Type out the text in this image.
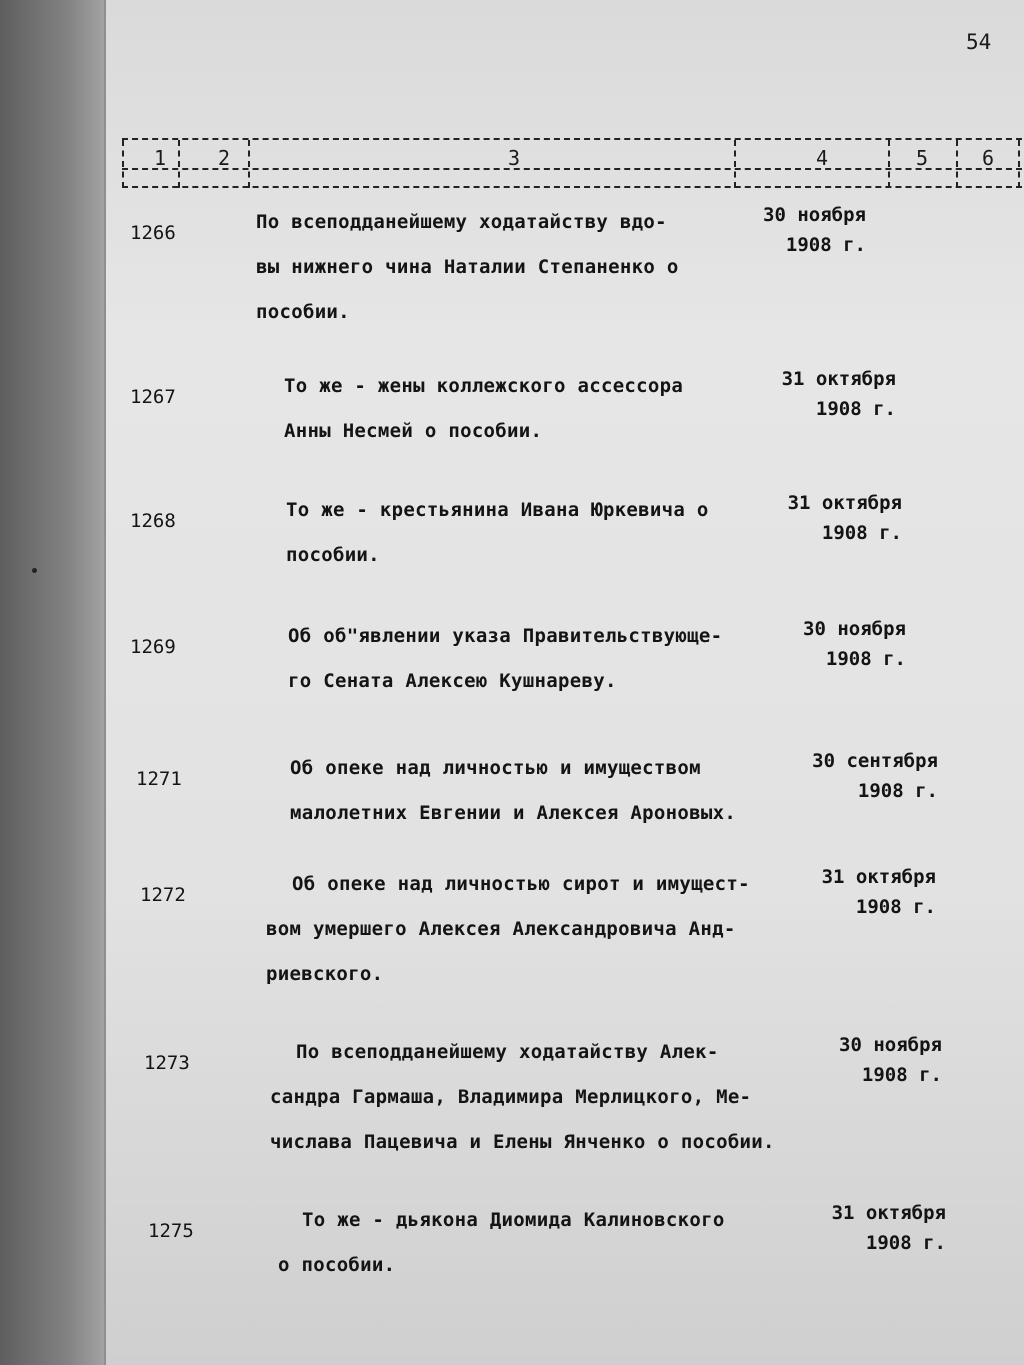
54
1	2	3	4	5	6
1266	По всеподданейшему ходатайству вдо-
вы нижнего чина Наталии Степаненко о
пособии.
30 ноября
1908 г.
1267	То же - жены коллежского ассессора
Анны Несмей о пособии.
31 октября
1908 г.
1268	То же - крестьянина Ивана Юркевича о
пособии.
31 октября
1908 г.
1269	Об об"явлении указа Правительствующе-
го Сената Алексею Кушнареву.
30 ноября
1908 г.
1271	Об опеке над личностью и имуществом
малолетних Евгении и Алексея Ароновых.
30 сентября
1908 г.
1272	Об опеке над личностью сирот и имущест-
вом умершего Алексея Александровича Анд-
риевского.
31 октября
1908 г.
1273	По всеподданейшему ходатайству Алек-
сандра Гармаша, Владимира Мерлицкого, Ме-
числава Пацевича и Елены Янченко о пособии.
30 ноября
1908 г.
1275	То же - дьякона Диомида Калиновского
о пособии.
31 октября
1908 г.
